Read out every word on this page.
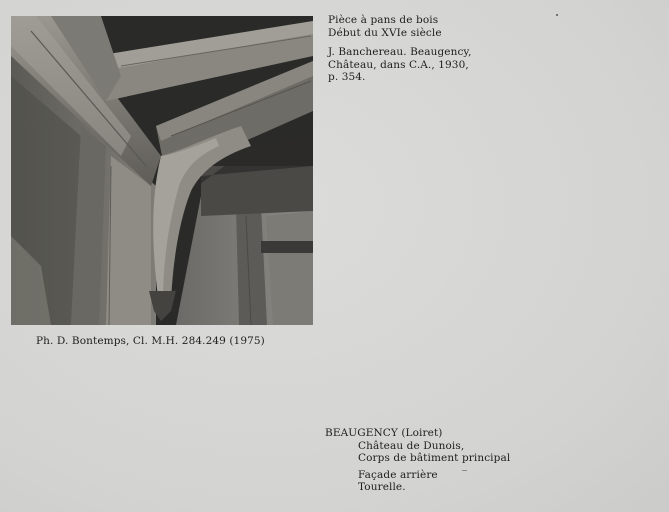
Pièce à pans de bois
Début du XVIe siècle
J. Banchereau. Beaugency,
Château, dans C.A., 1930,
p. 354.
Ph. D. Bontemps, Cl. M.H. 284.249 (1975)
BEAUGENCY (Loiret)
Château de Dunois,
Corps de bâtiment principal
Façade arrière
Tourelle.
